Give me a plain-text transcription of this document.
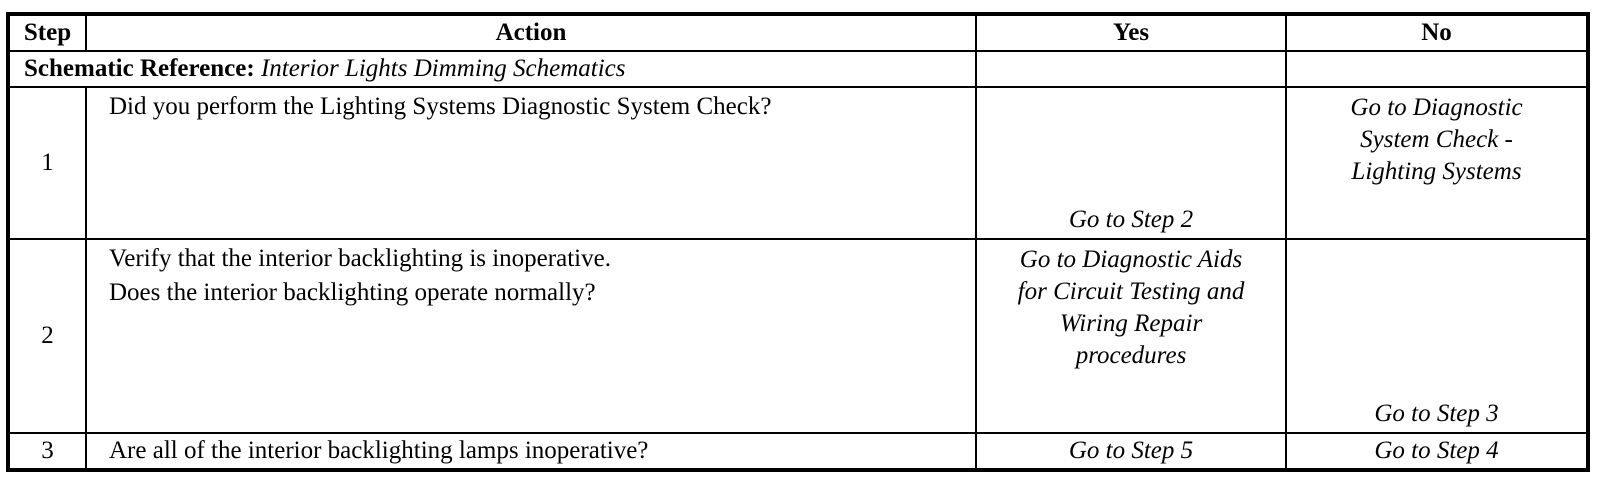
Step	Action	Yes	No
Schematic Reference: Interior Lights Dimming Schematics			
1	Did you perform the Lighting Systems Diagnostic System Check?	Go to Step 2	Go to Diagnostic System Check - Lighting Systems

2	Verify that the interior backlighting is inoperative.

Does the interior backlighting operate normally?	Go to Diagnostic Aids for Circuit Testing and Wiring Repair procedures	Go to Step 3
3	Are all of the interior backlighting lamps inoperative?	Go to Step 5	Go to Step 4
